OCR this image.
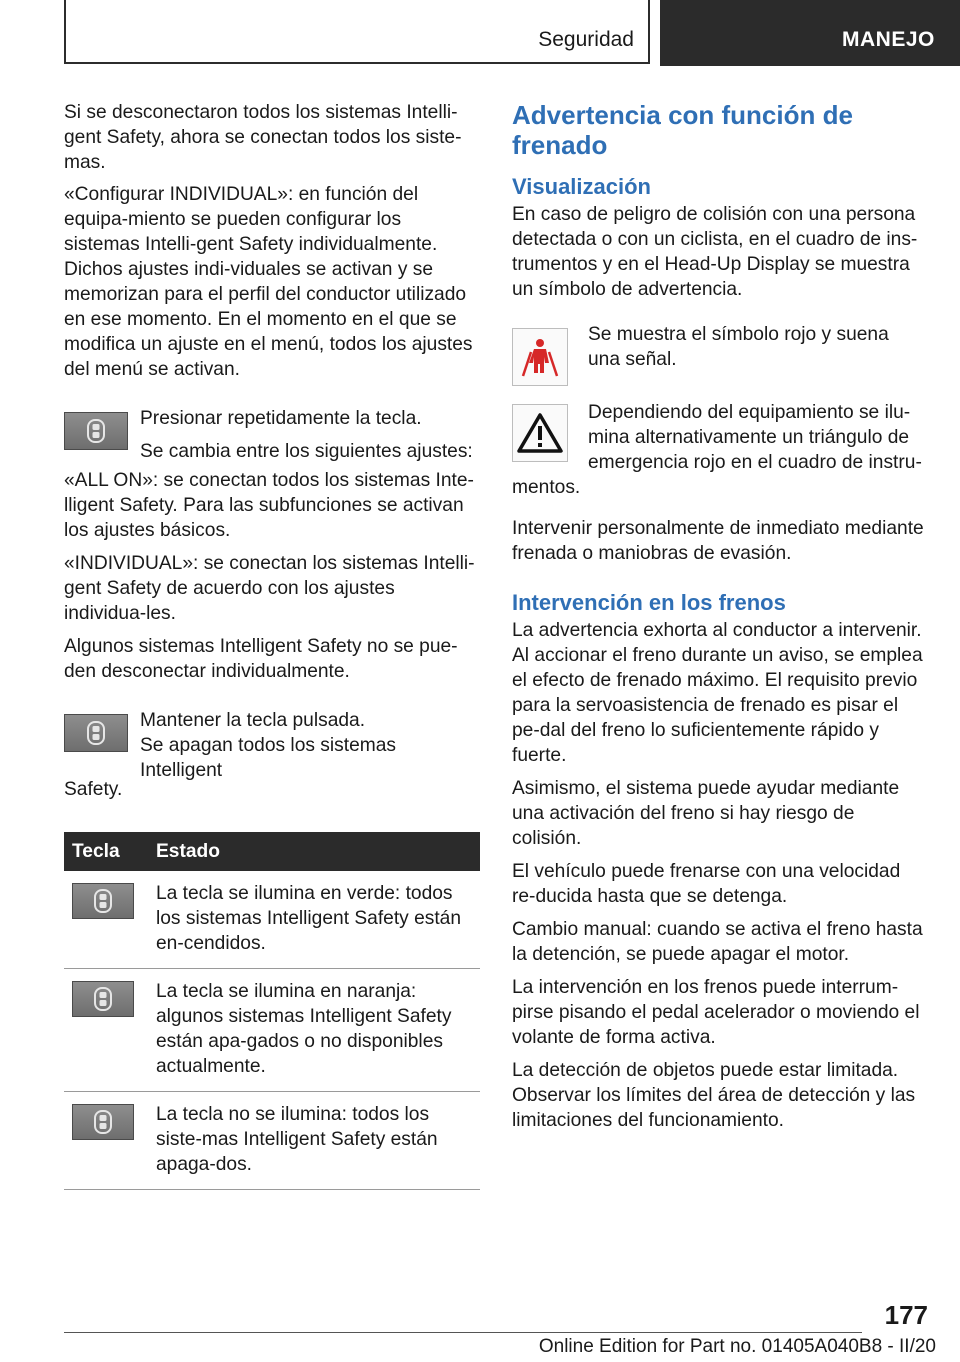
Seguridad	MANEJO

Si se desconectaron todos los sistemas Intelli-gent Safety, ahora se conectan todos los siste-mas.

«Configurar INDIVIDUAL»: en función del equipa-miento se pueden configurar los sistemas Intelli-gent Safety individualmente. Dichos ajustes indi-viduales se activan y se memorizan para el perfil del conductor utilizado en ese momento. En el momento en el que se modifica un ajuste en el menú, todos los ajustes del menú se activan.

Presionar repetidamente la tecla.

Se cambia entre los siguientes ajustes:

«ALL ON»: se conectan todos los sistemas Inte-lligent Safety. Para las subfunciones se activan los ajustes básicos.

«INDIVIDUAL»: se conectan los sistemas Intelli-gent Safety de acuerdo con los ajustes individua-les.

Algunos sistemas Intelligent Safety no se pue-den desconectar individualmente.

Mantener la tecla pulsada.

Se apagan todos los sistemas Intelligent

Safety.

Tecla	Estado

	La tecla se ilumina en verde: todos los sistemas Intelligent Safety están en-cendidos.

	La tecla se ilumina en naranja: algunos sistemas Intelligent Safety están apa-gados o no disponibles actualmente.

	La tecla no se ilumina: todos los siste-mas Intelligent Safety están apaga-dos.
Advertencia con función de frenado
Visualización

En caso de peligro de colisión con una persona detectada o con un ciclista, en el cuadro de ins-trumentos y en el Head-Up Display se muestra un símbolo de advertencia.

Se muestra el símbolo rojo y suena una señal.

Dependiendo del equipamiento se ilu-mina alternativamente un triángulo de emergencia rojo en el cuadro de instru-

mentos.

Intervenir personalmente de inmediato mediante frenada o maniobras de evasión.

Intervención en los frenos

La advertencia exhorta al conductor a intervenir. Al accionar el freno durante un aviso, se emplea el efecto de frenado máximo. El requisito previo para la servoasistencia de frenado es pisar el pe-dal del freno lo suficientemente rápido y fuerte.

Asimismo, el sistema puede ayudar mediante una activación del freno si hay riesgo de colisión.

El vehículo puede frenarse con una velocidad re-ducida hasta que se detenga.

Cambio manual: cuando se activa el freno hasta la detención, se puede apagar el motor.

La intervención en los frenos puede interrum-pirse pisando el pedal acelerador o moviendo el volante de forma activa.

La detección de objetos puede estar limitada. Observar los límites del área de detección y las limitaciones del funcionamiento.

177
Online Edition for Part no. 01405A040B8 - II/20
